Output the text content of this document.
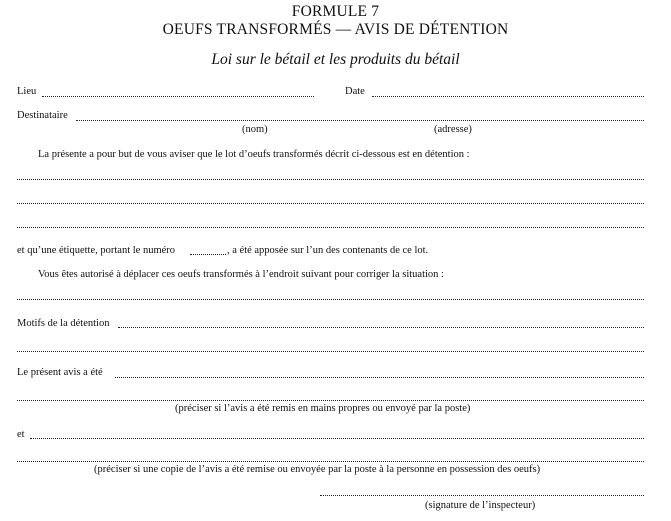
FORMULE 7
OEUFS TRANSFORMÉS — AVIS DE DÉTENTION
Loi sur le bétail et les produits du bétail
Lieu	Date
Destinataire
(nom)	(adresse)
La présente a pour but de vous aviser que le lot d’oeufs transformés décrit ci-dessous est en détention :
et qu’une étiquette, portant le numéro	, a été apposée sur l’un des contenants de ce lot.
Vous êtes autorisé à déplacer ces oeufs transformés à l’endroit suivant pour corriger la situation :
Motifs de la détention
Le présent avis a été
(préciser si l’avis a été remis en mains propres ou envoyé par la poste)
et
(préciser si une copie de l’avis a été remise ou envoyée par la poste à la personne en possession des oeufs)
(signature de l’inspecteur)
